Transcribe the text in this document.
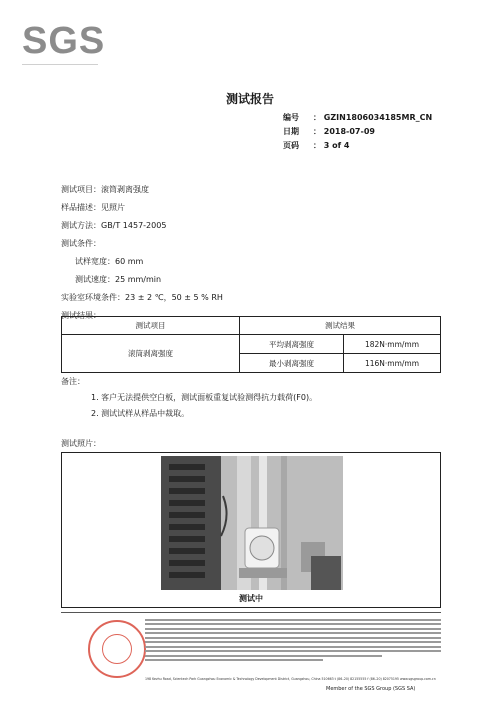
SGS
测试报告
编号	： GZIN1806034185MR_CN
日期	： 2018-07-09
页码	： 3 of 4
测试项目：滚筒剥离强度
样品描述：见照片
测试方法：GB/T 1457-2005
测试条件：
试样宽度：60 mm
测试速度：25 mm/min
实验室环境条件：23 ± 2 ℃，50 ± 5 % RH
测试结果：
测试项目	测试结果	
滚筒剥离强度	平均剥离强度	182N·mm/mm
	最小剥离强度	116N·mm/mm
备注：
1. 客户无法提供空白板，测试面板重复试验测得抗力载荷(F0)。
2. 测试试样从样品中裁取。
测试照片：
测试中
198 Kezhu Road, Scientech Park Guangzhou Economic & Technology Development District, Guangzhou, China 510663 t (86–20) 82155555 f (86–20) 82075195 www.sgsgroup.com.cn
Member of the SGS Group (SGS SA)
